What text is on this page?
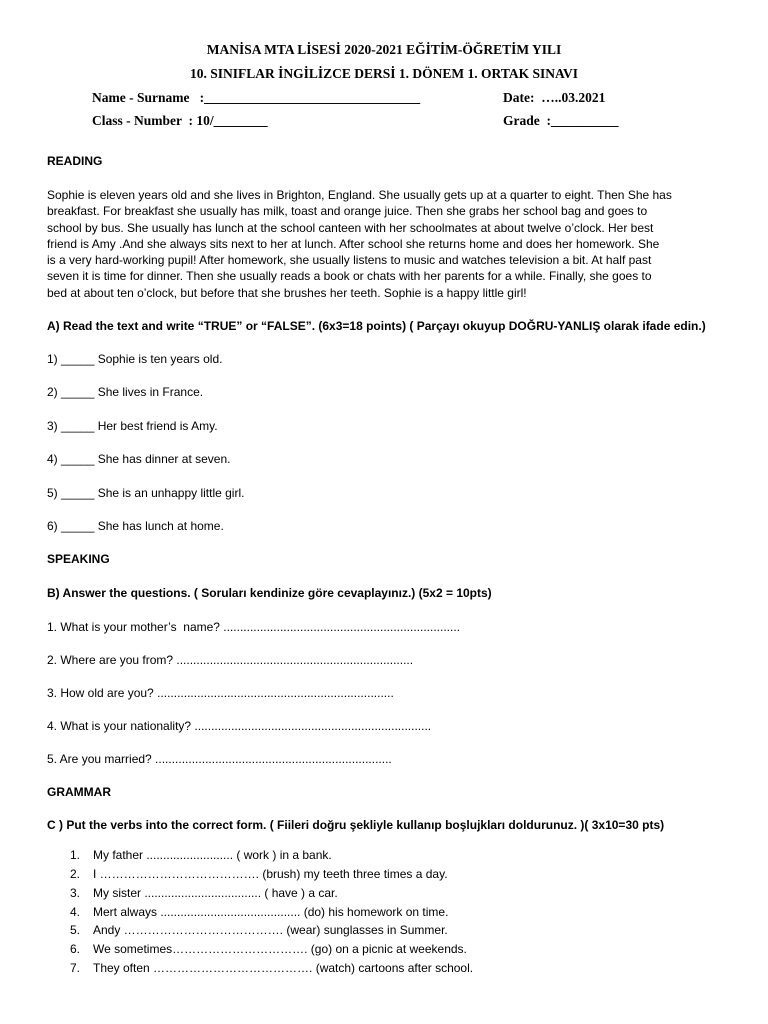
MANİSA MTA LİSESİ 2020-2021 EĞİTİM-ÖĞRETİM YILI
10. SINIFLAR İNGİLİZCE DERSİ 1. DÖNEM 1. ORTAK SINAVI
Name - Surname   :________________________________	Date:  …..03.2021
Class - Number  : 10/________	Grade  :__________
READING
Sophie is eleven years old and she lives in Brighton, England. She usually gets up at a quarter to eight. Then She has
breakfast. For breakfast she usually has milk, toast and orange juice. Then she grabs her school bag and goes to
school by bus. She usually has lunch at the school canteen with her schoolmates at about twelve o’clock. Her best
friend is Amy .And she always sits next to her at lunch. After school she returns home and does her homework. She
is a very hard-working pupil! After homework, she usually listens to music and watches television a bit. At half past
seven it is time for dinner. Then she usually reads a book or chats with her parents for a while. Finally, she goes to
bed at about ten o’clock, but before that she brushes her teeth. Sophie is a happy little girl!
A) Read the text and write “TRUE” or “FALSE”. (6x3=18 points) ( Parçayı okuyup DOĞRU-YANLIŞ olarak ifade edin.)
1) _____ Sophie is ten years old.
2) _____ She lives in France.
3) _____ Her best friend is Amy.
4) _____ She has dinner at seven.
5) _____ She is an unhappy little girl.
6) _____ She has lunch at home.
SPEAKING
B) Answer the questions. ( Soruları kendinize göre cevaplayınız.) (5x2 = 10pts)
1. What is your mother’s  name? .......................................................................
2. Where are you from? .......................................................................
3. How old are you? .......................................................................
4. What is your nationality? .......................................................................
5. Are you married? .......................................................................
GRAMMAR
C ) Put the verbs into the correct form. ( Fiileri doğru şekliyle kullanıp boşlujkları doldurunuz. )( 3x10=30 pts)
1. My father .......................... ( work ) in a bank.
2. I …………………………………. (brush) my teeth three times a day.
3. My sister ................................... ( have ) a car.
4. Mert always .......................................... (do) his homework on time.
5. Andy …………………………………. (wear) sunglasses in Summer.
6. We sometimes……………………………. (go) on a picnic at weekends.
7. They often …………………………………. (watch) cartoons after school.
